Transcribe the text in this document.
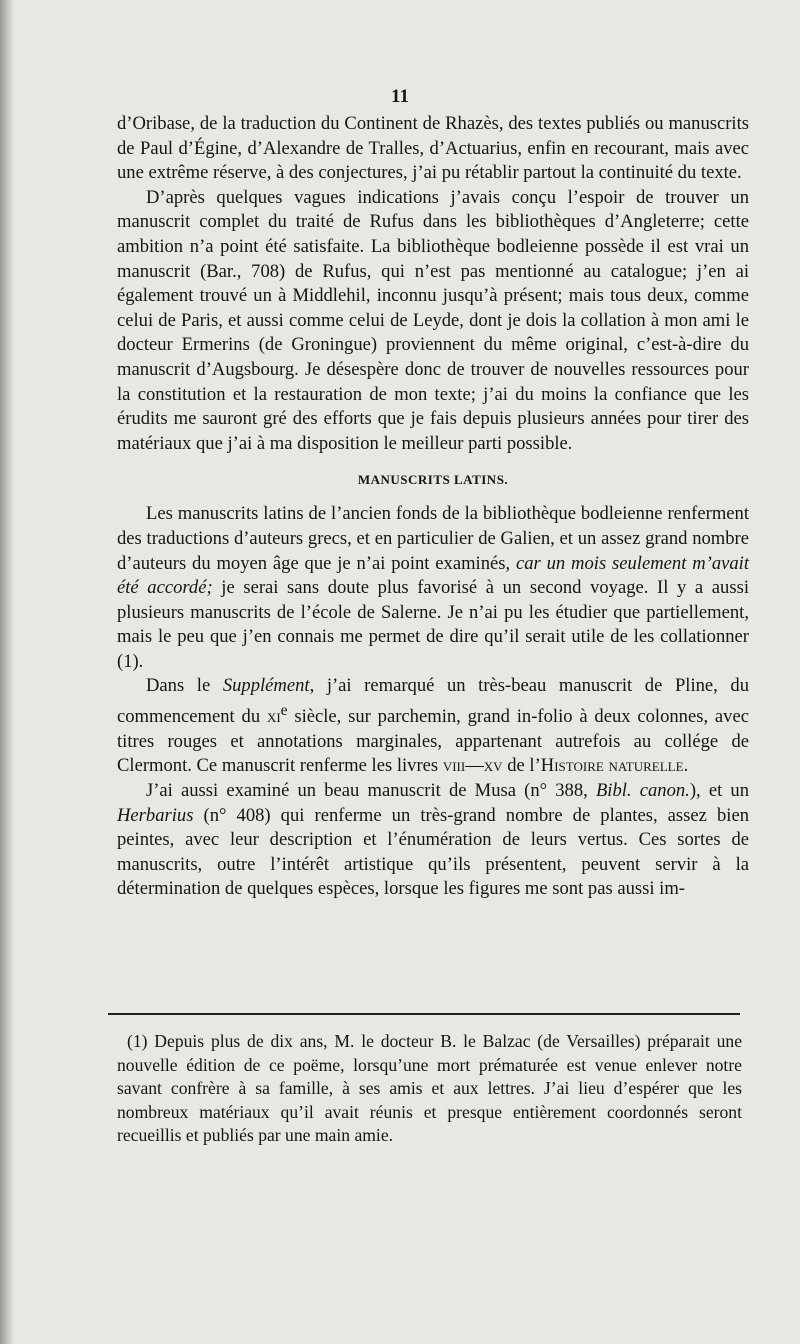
11

d’Oribase, de la traduction du Continent de Rhazès, des textes publiés ou manuscrits de Paul d’Égine, d’Alexandre de Tralles, d’Actuarius, enfin en recourant, mais avec une extrême réserve, à des conjectures, j’ai pu rétablir partout la continuité du texte.

D’après quelques vagues indications j’avais conçu l’espoir de trouver un manuscrit complet du traité de Rufus dans les bibliothèques d’Angleterre; cette ambition n’a point été satisfaite. La bibliothèque bodleienne possède il est vrai un manuscrit (Bar., 708) de Rufus, qui n’est pas mentionné au catalogue; j’en ai également trouvé un à Middlehil, inconnu jusqu’à présent; mais tous deux, comme celui de Paris, et aussi comme celui de Leyde, dont je dois la collation à mon ami le docteur Ermerins (de Groningue) proviennent du même original, c’est-à-dire du manuscrit d’Augsbourg. Je désespère donc de trouver de nouvelles ressources pour la constitution et la restauration de mon texte; j’ai du moins la confiance que les érudits me sauront gré des efforts que je fais depuis plusieurs années pour tirer des matériaux que j’ai à ma disposition le meilleur parti possible.

MANUSCRITS LATINS.

Les manuscrits latins de l’ancien fonds de la bibliothèque bodleienne renferment des traductions d’auteurs grecs, et en particulier de Galien, et un assez grand nombre d’auteurs du moyen âge que je n’ai point examinés, car un mois seulement m’avait été accordé; je serai sans doute plus favorisé à un second voyage. Il y a aussi plusieurs manuscrits de l’école de Salerne. Je n’ai pu les étudier que partiellement, mais le peu que j’en connais me permet de dire qu’il serait utile de les collationner (1).

Dans le Supplément, j’ai remarqué un très-beau manuscrit de Pline, du commencement du $xi^e$ siècle, sur parchemin, grand in-folio à deux colonnes, avec titres rouges et annotations marginales, appartenant autrefois au collége de Clermont. Ce manuscrit renferme les livres viii—xv de l’Histoire naturelle.

J’ai aussi examiné un beau manuscrit de Musa (n° 388, Bibl. canon.), et un Herbarius (n° 408) qui renferme un très-grand nombre de plantes, assez bien peintes, avec leur description et l’énumération de leurs vertus. Ces sortes de manuscrits, outre l’intérêt artistique qu’ils présentent, peuvent servir à la détermination de quelques espèces, lorsque les figures me sont pas aussi im-

(1) Depuis plus de dix ans, M. le docteur B. le Balzac (de Versailles) préparait une nouvelle édition de ce poëme, lorsqu’une mort prématurée est venue enlever notre savant confrère à sa famille, à ses amis et aux lettres. J’ai lieu d’espérer que les nombreux matériaux qu’il avait réunis et presque entièrement coordonnés seront recueillis et publiés par une main amie.
